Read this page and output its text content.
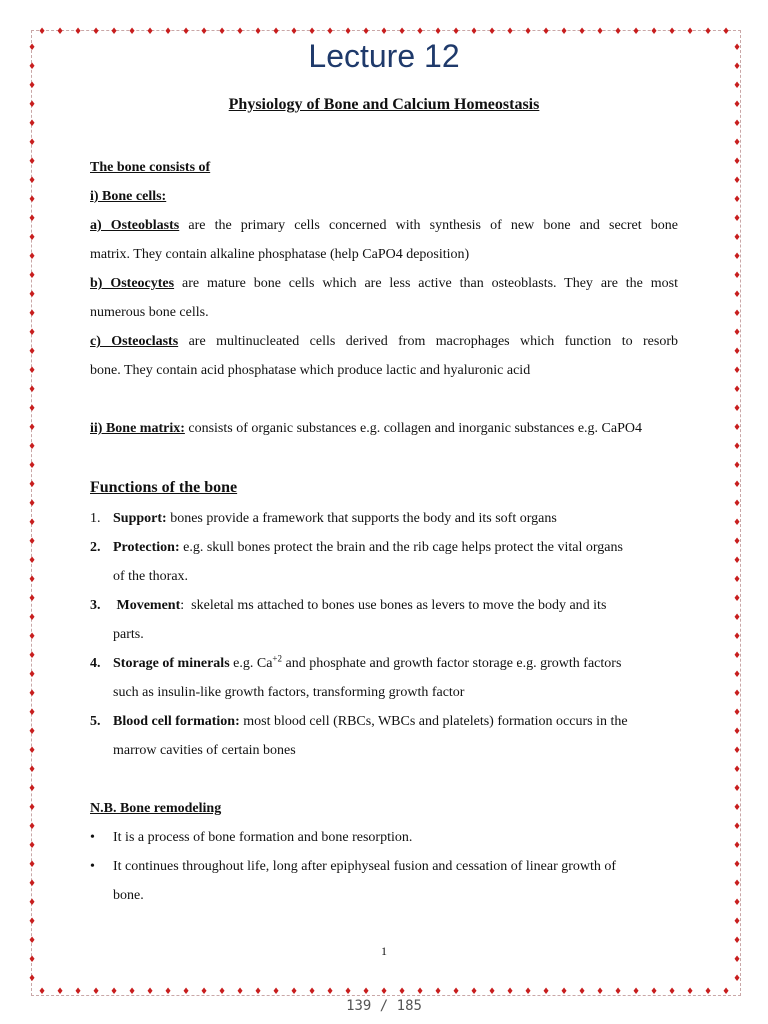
♦
♦
♦
♦
♦
♦
♦
♦
♦
♦
♦
♦
♦
♦
♦
♦
♦
♦
♦
♦
♦
♦
♦
♦
♦
♦
♦
♦
♦
♦
♦
♦
♦
♦
♦
♦
♦
♦
♦
♦
♦
♦
♦
♦
♦
♦
♦
♦
♦
♦
♦
♦
♦
♦
♦
♦
♦
♦
♦
♦
♦
♦
♦
♦
♦
♦
♦
♦
♦
♦
♦
♦
♦
♦
♦
♦
♦
♦
♦	♦
♦	♦
♦	♦
♦	♦
♦	♦
♦	♦
♦	♦
♦	♦
♦	♦
♦	♦
♦	♦
♦	♦
♦	♦
♦	♦
♦	♦
♦	♦
♦	♦
♦	♦
♦	♦
♦	♦
♦	♦
♦	♦
♦	♦
♦	♦
♦	♦
♦	♦
♦	♦
♦	♦
♦	♦
♦	♦
♦	♦
♦	♦
♦	♦
♦	♦
♦	♦
♦	♦
♦	♦
♦	♦
♦	♦
♦	♦
♦	♦
♦	♦
♦	♦
♦	♦
♦	♦
♦	♦
♦	♦
♦	♦
♦	♦
♦	♦
Lecture 12
Physiology of Bone and Calcium Homeostasis
The bone consists of
i) Bone cells:
a) Osteoblasts are the primary cells concerned with synthesis of new bone and secret bone
matrix. They contain alkaline phosphatase (help CaPO4 deposition)
b) Osteocytes are mature bone cells which are less active than osteoblasts. They are the most
numerous bone cells.
c) Osteoclasts are multinucleated cells derived from macrophages which function to resorb
bone. They contain acid phosphatase which produce lactic and hyaluronic acid
ii) Bone matrix: consists of organic substances e.g. collagen and inorganic substances e.g. CaPO4
Functions of the bone
1. Support: bones provide a framework that supports the body and its soft organs
2. Protection: e.g. skull bones protect the brain and the rib cage helps protect the vital organs
of the thorax.
3. Movement:  skeletal ms attached to bones use bones as levers to move the body and its
parts.
4. Storage of minerals e.g. $Ca^{+2}$ and phosphate and growth factor storage e.g. growth factors
such as insulin-like growth factors, transforming growth factor
5. Blood cell formation: most blood cell (RBCs, WBCs and platelets) formation occurs in the
marrow cavities of certain bones
N.B. Bone remodeling
•	It is a process of bone formation and bone resorption.
•	It continues throughout life, long after epiphyseal fusion and cessation of linear growth of
bone.
1
139 / 185
